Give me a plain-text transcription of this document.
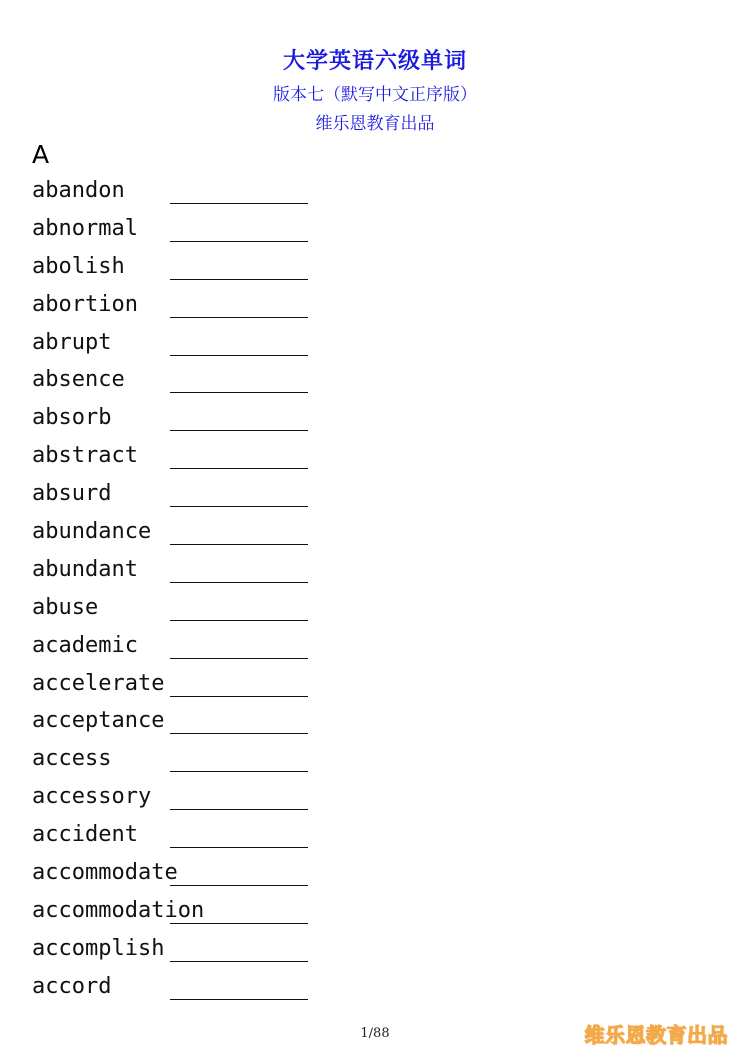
大学英语六级单词
版本七（默写中文正序版）
维乐恩教育出品
A
abandon
abnormal
abolish
abortion
abrupt
absence
absorb
abstract
absurd
abundance
abundant
abuse
academic
accelerate
acceptance
access
accessory
accident
accommodate
accommodation
accomplish
accord
1/88	维乐恩教育出品
